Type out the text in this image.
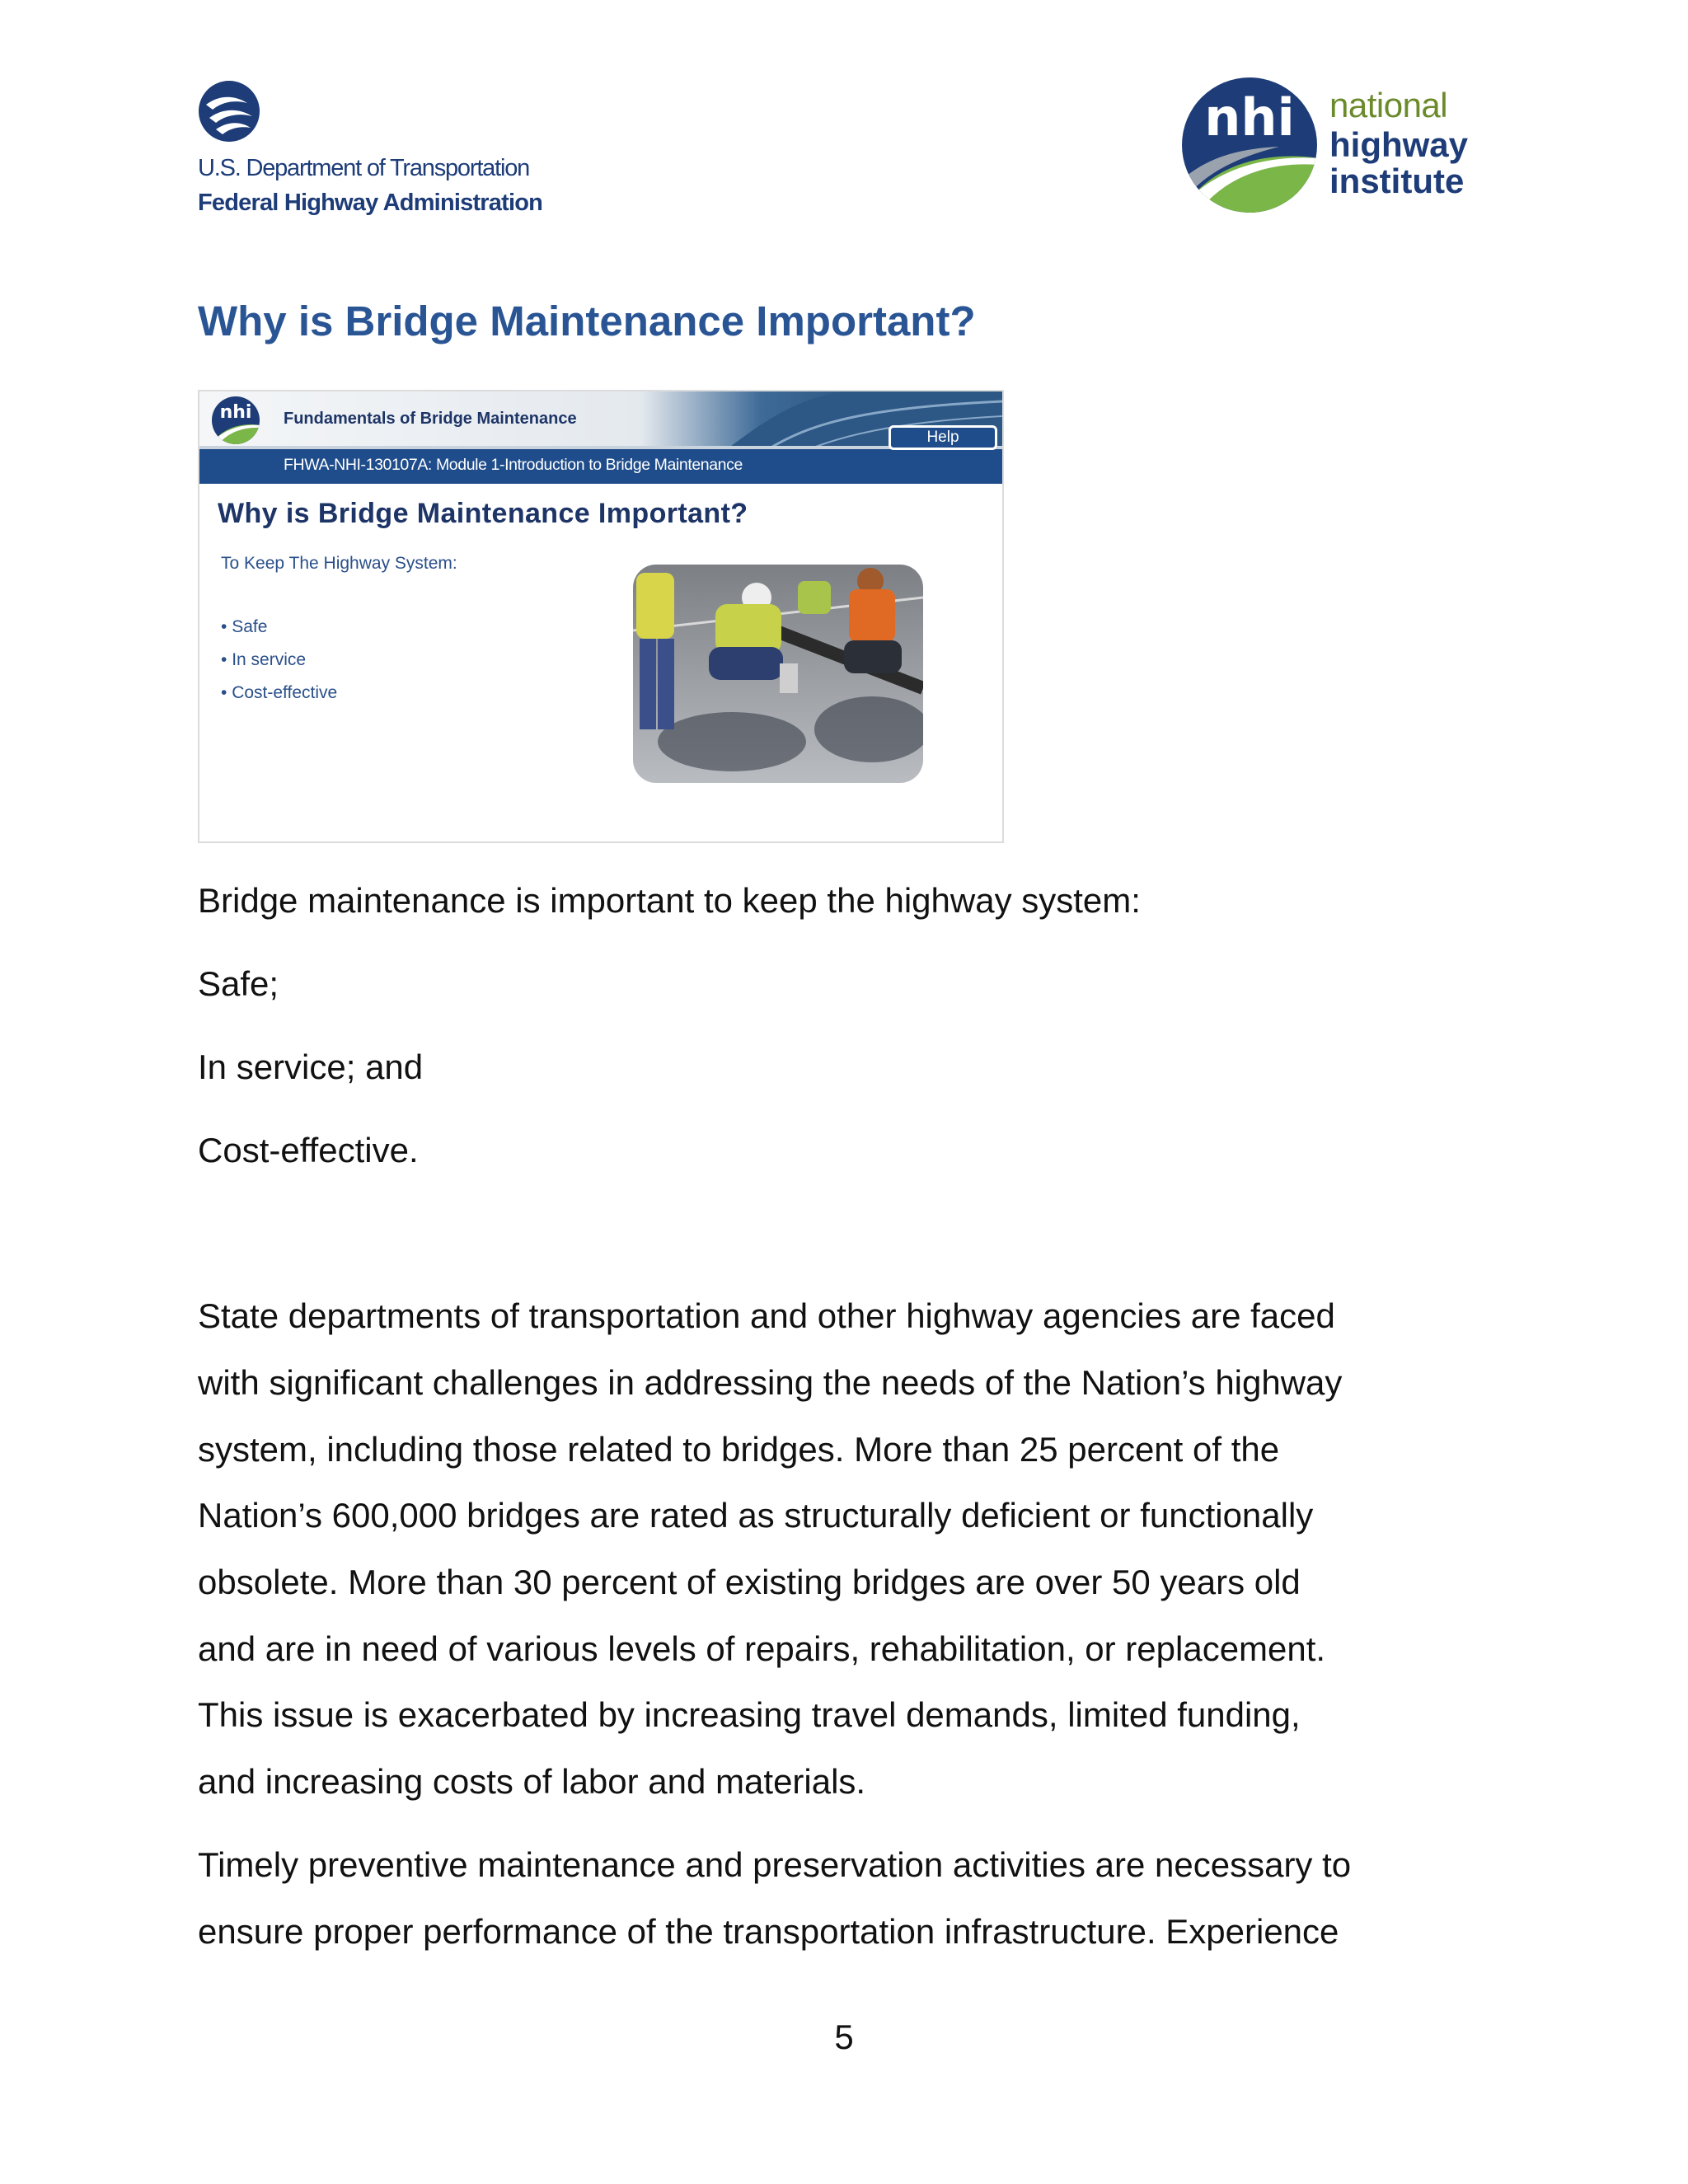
U.S. Department of Transportation
Federal Highway Administration
nhi national
highway
institute
Why is Bridge Maintenance Important?
nhi Fundamentals of Bridge Maintenance
FHWA-NHI-130107A: Module 1-Introduction to Bridge Maintenance
Help
Why is Bridge Maintenance Important?
To Keep The Highway System:
• Safe
• In service
• Cost-effective
Bridge maintenance is important to keep the highway system:
Safe;
In service; and
Cost-effective.
State departments of transportation and other highway agencies are faced
with significant challenges in addressing the needs of the Nation’s highway
system, including those related to bridges. More than 25 percent of the
Nation’s 600,000 bridges are rated as structurally deficient or functionally
obsolete. More than 30 percent of existing bridges are over 50 years old
and are in need of various levels of repairs, rehabilitation, or replacement.
This issue is exacerbated by increasing travel demands, limited funding,
and increasing costs of labor and materials.
Timely preventive maintenance and preservation activities are necessary to
ensure proper performance of the transportation infrastructure. Experience
5
